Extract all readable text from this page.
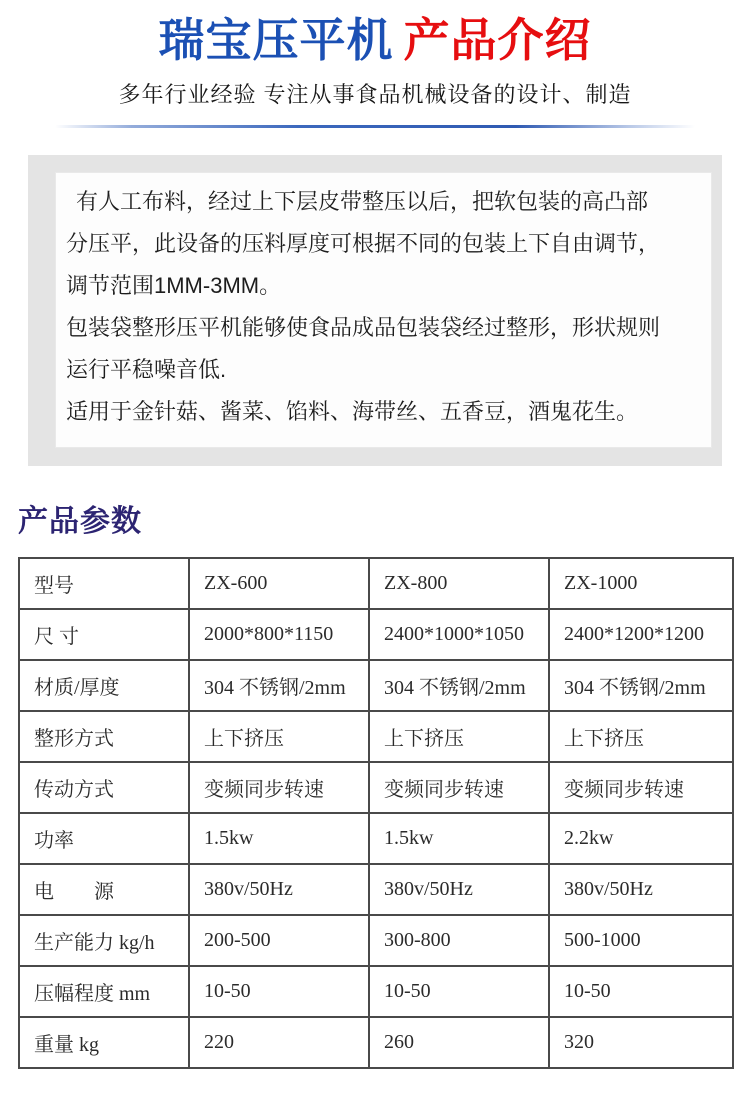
瑞宝压平机 产品介绍
多年行业经验 专注从事食品机械设备的设计、制造

有人工布料，经过上下层皮带整压以后，把软包装的高凸部分压平，此设备的压料厚度可根据不同的包装上下自由调节，调节范围1MM-3MM。

包装袋整形压平机能够使食品成品包装袋经过整形，形状规则 运行平稳噪音低.

适用于金针菇、酱菜、馅料、海带丝、五香豆，酒鬼花生。

产品参数
型号	ZX-600	ZX-800	ZX-1000
尺 寸	2000*800*1150	2400*1000*1050	2400*1200*1200
材质/厚度	304 不锈钢/2mm	304 不锈钢/2mm	304 不锈钢/2mm
整形方式	上下挤压	上下挤压	上下挤压
传动方式	变频同步转速	变频同步转速	变频同步转速
功率	1.5kw	1.5kw	2.2kw
电　　源	380v/50Hz	380v/50Hz	380v/50Hz
生产能力 kg/h	200-500	300-800	500-1000
压幅程度 mm	10-50	10-50	10-50
重量 kg	220	260	320
